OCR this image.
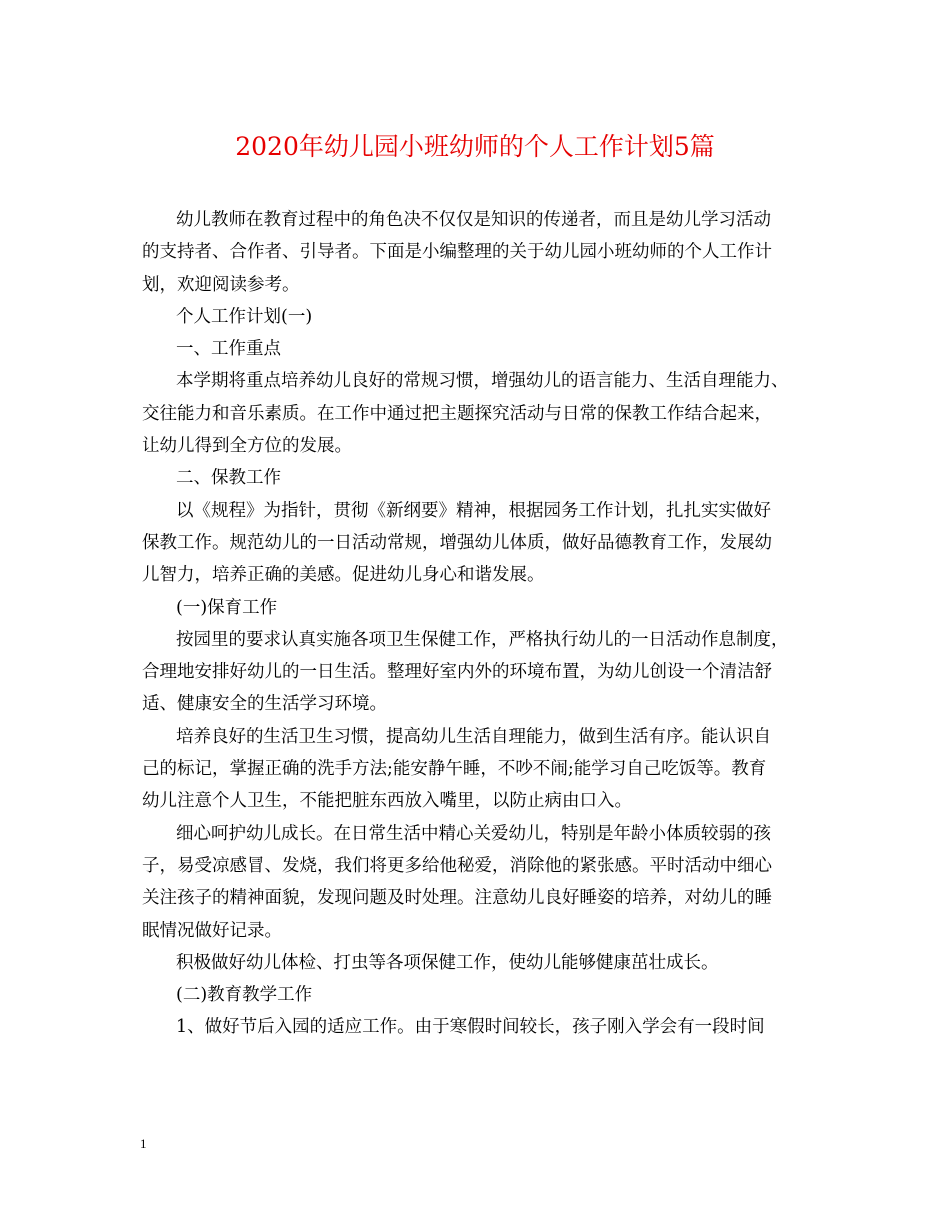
2020年幼儿园小班幼师的个人工作计划5篇
幼儿教师在教育过程中的角色决不仅仅是知识的传递者，而且是幼儿学习活动
的支持者、合作者、引导者。下面是小编整理的关于幼儿园小班幼师的个人工作计
划，欢迎阅读参考。
个人工作计划(一)
一、工作重点
本学期将重点培养幼儿良好的常规习惯，增强幼儿的语言能力、生活自理能力、
交往能力和音乐素质。在工作中通过把主题探究活动与日常的保教工作结合起来，
让幼儿得到全方位的发展。
二、保教工作
以《规程》为指针，贯彻《新纲要》精神，根据园务工作计划，扎扎实实做好
保教工作。规范幼儿的一日活动常规，增强幼儿体质，做好品德教育工作，发展幼
儿智力，培养正确的美感。促进幼儿身心和谐发展。
(一)保育工作
按园里的要求认真实施各项卫生保健工作，严格执行幼儿的一日活动作息制度，
合理地安排好幼儿的一日生活。整理好室内外的环境布置，为幼儿创设一个清洁舒
适、健康安全的生活学习环境。
培养良好的生活卫生习惯，提高幼儿生活自理能力，做到生活有序。能认识自
己的标记，掌握正确的洗手方法;能安静午睡，不吵不闹;能学习自己吃饭等。教育
幼儿注意个人卫生，不能把脏东西放入嘴里，以防止病由口入。
细心呵护幼儿成长。在日常生活中精心关爱幼儿，特别是年龄小体质较弱的孩
子，易受凉感冒、发烧，我们将更多给他秘爱，消除他的紧张感。平时活动中细心
关注孩子的精神面貌，发现问题及时处理。注意幼儿良好睡姿的培养，对幼儿的睡
眠情况做好记录。
积极做好幼儿体检、打虫等各项保健工作，使幼儿能够健康茁壮成长。
(二)教育教学工作
1、做好节后入园的适应工作。由于寒假时间较长，孩子刚入学会有一段时间
1
